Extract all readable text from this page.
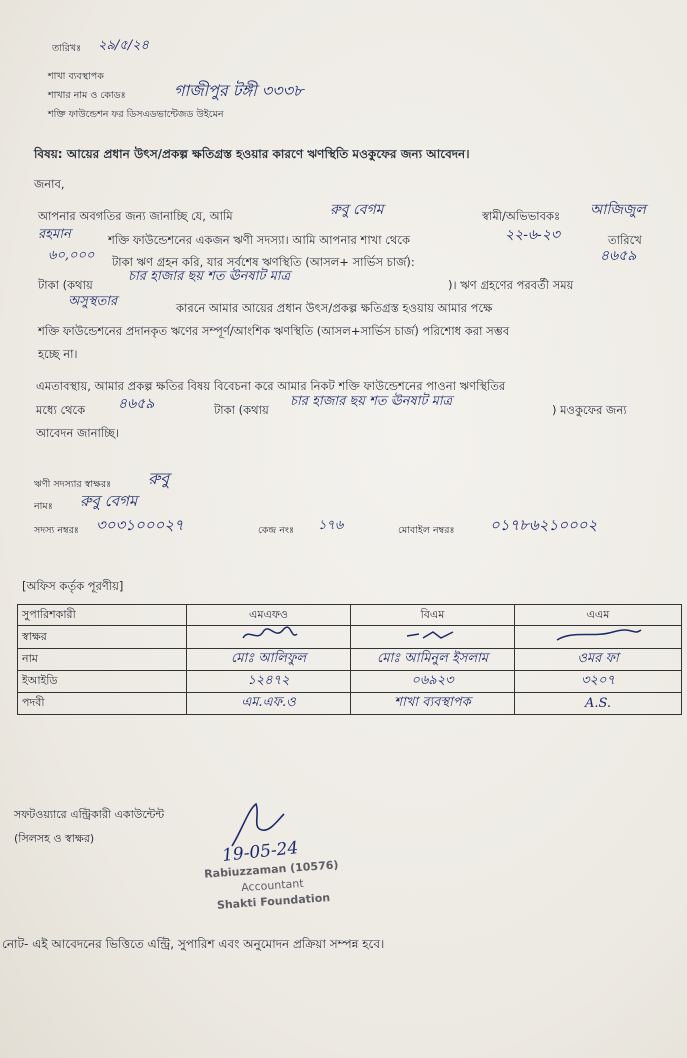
তারিখঃ ২৯/৫/২৪
শাখা ব্যবস্থাপক
শাখার নাম ও কোডঃ	গাজীপুর টঙ্গী ৩৩৩৮
শক্তি ফাউন্ডেশন ফর ডিসএডভান্টেজড উইমেন
বিষয়: আয়ের প্রধান উৎস/প্রকল্প ক্ষতিগ্রস্ত হওয়ার কারণে ঋণস্থিতি মওকুফের জন্য আবেদন।
জনাব,
আপনার অবগতির জন্য জানাচ্ছি যে, আমি	রুবু বেগম	স্বামী/অভিভাবকঃ আজিজুল
রহমান	শক্তি ফাউন্ডেশনের একজন ঋণী সদস্যা। আমি আপনার শাখা থেকে	২২-৬-২৩	তারিখে
৬০,০০০ টাকা ঋণ গ্রহন করি, যার সর্বশেষ ঋণস্থিতি (আসল+ সার্ভিস চার্জ):	৪৬৫৯
টাকা (কথায়
চার হাজার ছয় শত ঊনষাট মাত্র
)। ঋণ গ্রহণের পরবর্তী সময়
অসুস্থতার	কারনে আমার আয়ের প্রধান উৎস/প্রকল্প ক্ষতিগ্রস্ত হওয়ায় আমার পক্ষে
শক্তি ফাউন্ডেশনের প্রদানকৃত ঋণের সম্পূর্ণ/আংশিক ঋণস্থিতি (আসল+সার্ভিস চার্জ) পরিশোধ করা সম্ভব
হচ্ছে না।
এমতাবস্থায়, আমার প্রকল্প ক্ষতির বিষয় বিবেচনা করে আমার নিকট শক্তি ফাউন্ডেশনের পাওনা ঋণস্থিতির
মধ্যে থেকে ৪৬৫৯	টাকা (কথায়
চার হাজার ছয় শত ঊনষাট মাত্র
) মওকুফের জন্য
আবেদন জানাচ্ছি।
ঋণী সদস্যার স্বাক্ষরঃ রুবু
নামঃ রুবু বেগম
সদস্য নম্বরঃ ৩০৩১০০০২৭	কেন্দ্র নংঃ ১৭৬	মোবাইল নম্বরঃ ০১৭৮৬২১০০০২
[অফিস কর্তৃক পূরণীয়]
সুপারিশকারী	এমএফও	বিএম	এএম
স্বাক্ষর			
নাম	মোঃ আলিফুল	মোঃ আমিনুল ইসলাম	ওমর ফা
ইআইডি	১২৪৭২	০৬৯২৩	৩২০৭
পদবী	এম.এফ.ও	শাখা ব্যবস্থাপক	A.S.
সফটওয়্যারে এন্ট্রিকারী একাউন্টেন্ট
(সিলসহ ও স্বাক্ষর)	19-05-24
Rabiuzzaman (10576)
Accountant
Shakti Foundation
নোট- এই আবেদনের ভিত্তিতে এন্ট্রি, সুপারিশ এবং অনুমোদন প্রক্রিয়া সম্পন্ন হবে।
